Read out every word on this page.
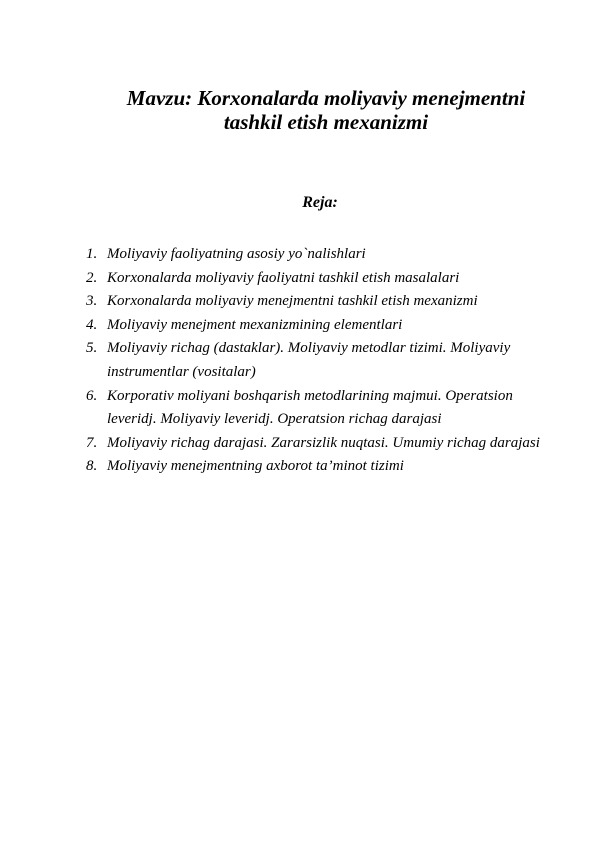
Mavzu: Korxonalarda moliyaviy menejmentni
tashkil etish mexanizmi
Reja:
1. Moliyaviy faoliyatning asosiy yo`nalishlari
2. Korxonalarda moliyaviy faoliyatni tashkil etish masalalari
3. Korxonalarda moliyaviy menejmentni tashkil etish mexanizmi
4. Moliyaviy menejment mexanizmining elementlari
5. Moliyaviy richag (dastaklar). Moliyaviy metodlar tizimi. Moliyaviy instrumentlar (vositalar)
6. Korporativ moliyani boshqarish metodlarining majmui. Operatsion leveridj. Moliyaviy leveridj. Operatsion richag darajasi
7. Moliyaviy richag darajasi. Zararsizlik nuqtasi. Umumiy richag darajasi
8. Moliyaviy menejmentning axborot ta’minot tizimi
